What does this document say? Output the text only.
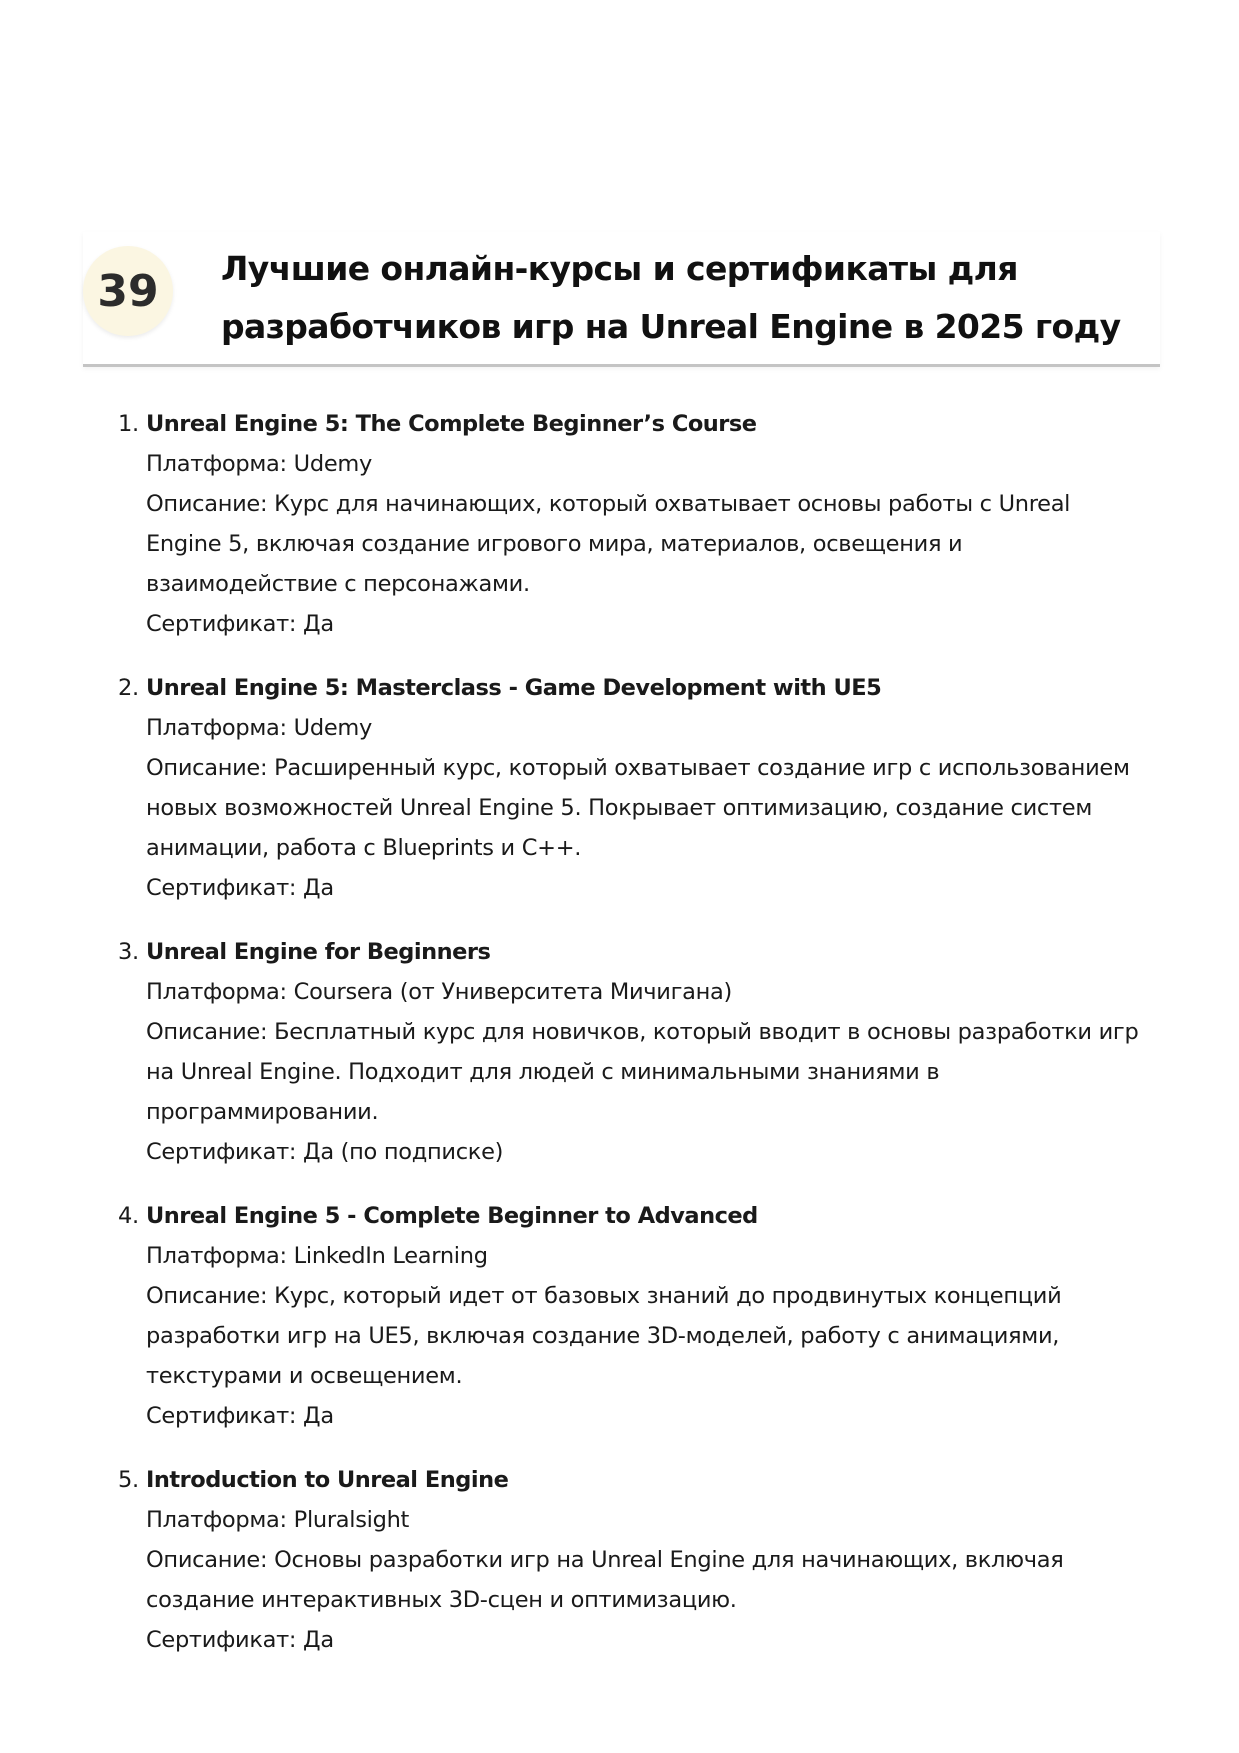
39	Лучшие онлайн-курсы и сертификаты для разработчиков игр на Unreal Engine в 2025 году
1. Unreal Engine 5: The Complete Beginner’s Course
Платформа: Udemy
Описание: Курс для начинающих, который охватывает основы работы с Unreal Engine 5, включая создание игрового мира, материалов, освещения и взаимодействие с персонажами.
Сертификат: Да
2. Unreal Engine 5: Masterclass - Game Development with UE5
Платформа: Udemy
Описание: Расширенный курс, который охватывает создание игр с использованием новых возможностей Unreal Engine 5. Покрывает оптимизацию, создание систем анимации, работа с Blueprints и C++.
Сертификат: Да
3. Unreal Engine for Beginners
Платформа: Coursera (от Университета Мичигана)
Описание: Бесплатный курс для новичков, который вводит в основы разработки игр на Unreal Engine. Подходит для людей с минимальными знаниями в программировании.
Сертификат: Да (по подписке)
4. Unreal Engine 5 - Complete Beginner to Advanced
Платформа: LinkedIn Learning
Описание: Курс, который идет от базовых знаний до продвинутых концепций разработки игр на UE5, включая создание 3D-моделей, работу с анимациями, текстурами и освещением.
Сертификат: Да
5. Introduction to Unreal Engine
Платформа: Pluralsight
Описание: Основы разработки игр на Unreal Engine для начинающих, включая создание интерактивных 3D-сцен и оптимизацию.
Сертификат: Да
